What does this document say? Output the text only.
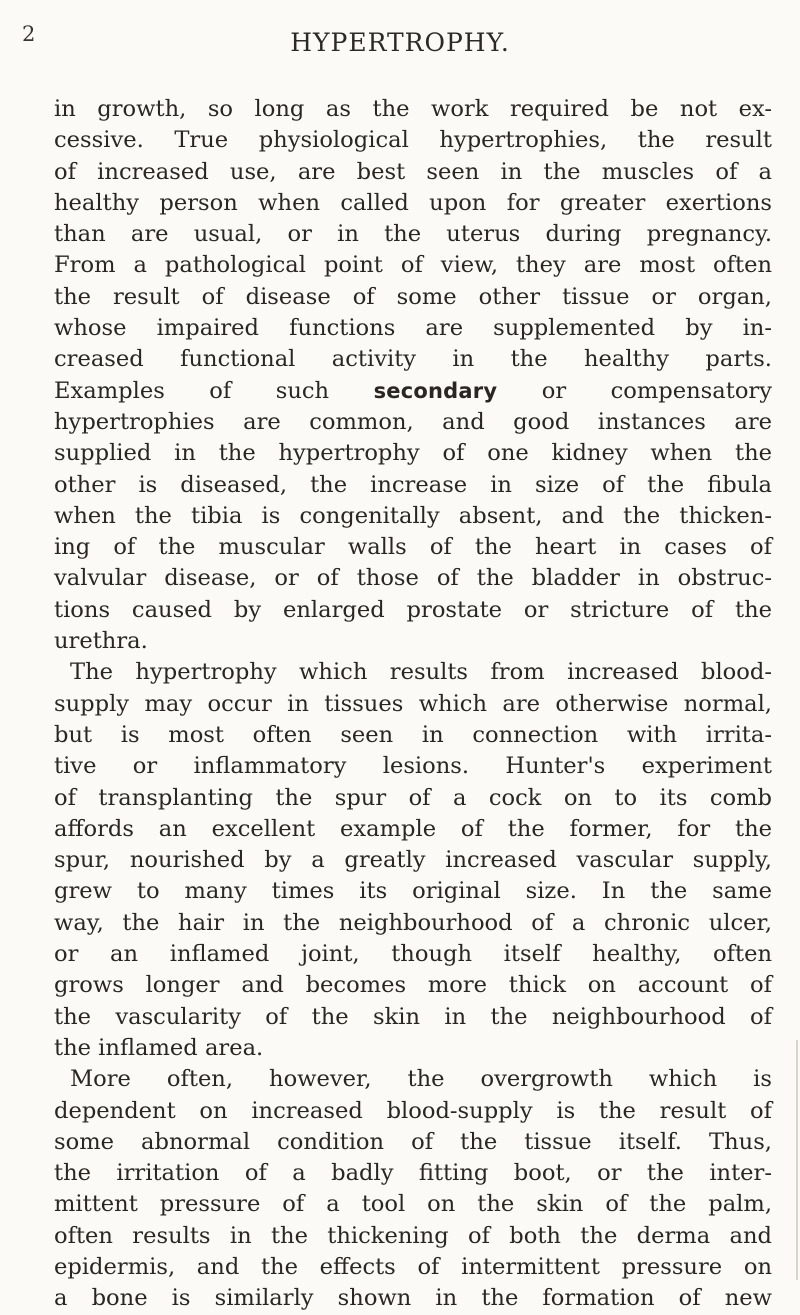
2	HYPERTROPHY.
in growth, so long as the work required be not ex-
cessive. True physiological hypertrophies, the result
of increased use, are best seen in the muscles of a
healthy person when called upon for greater exertions
than are usual, or in the uterus during pregnancy.
From a pathological point of view, they are most often
the result of disease of some other tissue or organ,
whose impaired functions are supplemented by in-
creased functional activity in the healthy parts.
Examples of such secondary or compensatory
hypertrophies are common, and good instances are
supplied in the hypertrophy of one kidney when the
other is diseased, the increase in size of the fibula
when the tibia is congenitally absent, and the thicken-
ing of the muscular walls of the heart in cases of
valvular disease, or of those of the bladder in obstruc-
tions caused by enlarged prostate or stricture of the
urethra.
The hypertrophy which results from increased blood-
supply may occur in tissues which are otherwise normal,
but is most often seen in connection with irrita-
tive or inflammatory lesions. Hunter's experiment
of transplanting the spur of a cock on to its comb
affords an excellent example of the former, for the
spur, nourished by a greatly increased vascular supply,
grew to many times its original size. In the same
way, the hair in the neighbourhood of a chronic ulcer,
or an inflamed joint, though itself healthy, often
grows longer and becomes more thick on account of
the vascularity of the skin in the neighbourhood of
the inflamed area.
More often, however, the overgrowth which is
dependent on increased blood-supply is the result of
some abnormal condition of the tissue itself. Thus,
the irritation of a badly fitting boot, or the inter-
mittent pressure of a tool on the skin of the palm,
often results in the thickening of both the derma and
epidermis, and the effects of intermittent pressure on
a bone is similarly shown in the formation of new
